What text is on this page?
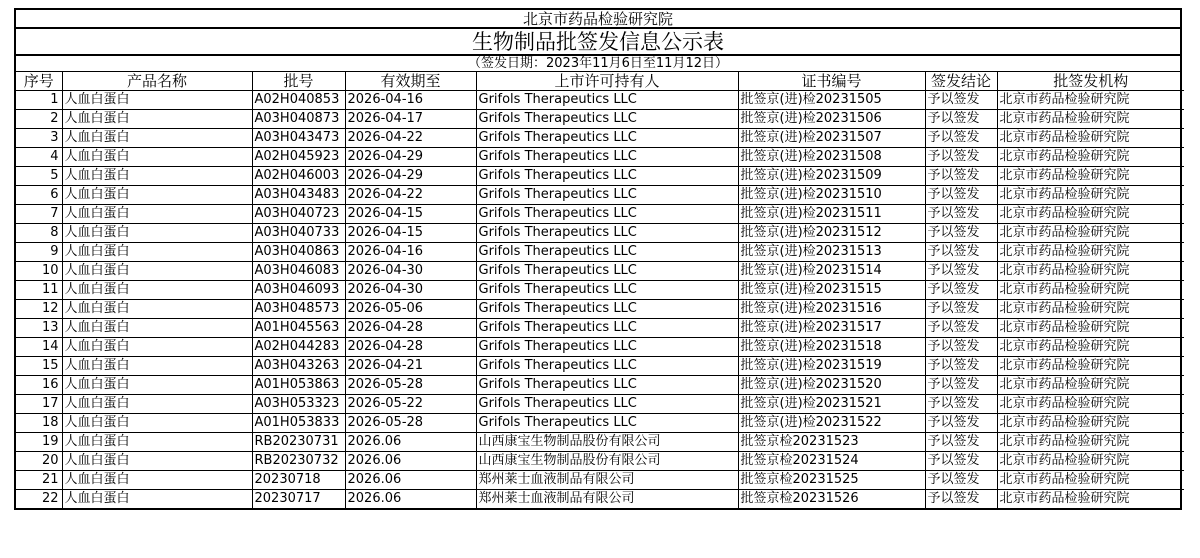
北京市药品检验研究院
生物制品批签发信息公示表
（签发日期：2023年11月6日至11月12日）
序号	产品名称	批号	有效期至	上市许可持有人	证书编号	签发结论	批签发机构
1	人血白蛋白	A02H040853	2026-04-16	Grifols Therapeutics LLC	批签京(进)检20231505	予以签发	北京市药品检验研究院
2	人血白蛋白	A03H040873	2026-04-17	Grifols Therapeutics LLC	批签京(进)检20231506	予以签发	北京市药品检验研究院
3	人血白蛋白	A03H043473	2026-04-22	Grifols Therapeutics LLC	批签京(进)检20231507	予以签发	北京市药品检验研究院
4	人血白蛋白	A02H045923	2026-04-29	Grifols Therapeutics LLC	批签京(进)检20231508	予以签发	北京市药品检验研究院
5	人血白蛋白	A02H046003	2026-04-29	Grifols Therapeutics LLC	批签京(进)检20231509	予以签发	北京市药品检验研究院
6	人血白蛋白	A03H043483	2026-04-22	Grifols Therapeutics LLC	批签京(进)检20231510	予以签发	北京市药品检验研究院
7	人血白蛋白	A03H040723	2026-04-15	Grifols Therapeutics LLC	批签京(进)检20231511	予以签发	北京市药品检验研究院
8	人血白蛋白	A03H040733	2026-04-15	Grifols Therapeutics LLC	批签京(进)检20231512	予以签发	北京市药品检验研究院
9	人血白蛋白	A03H040863	2026-04-16	Grifols Therapeutics LLC	批签京(进)检20231513	予以签发	北京市药品检验研究院
10	人血白蛋白	A03H046083	2026-04-30	Grifols Therapeutics LLC	批签京(进)检20231514	予以签发	北京市药品检验研究院
11	人血白蛋白	A03H046093	2026-04-30	Grifols Therapeutics LLC	批签京(进)检20231515	予以签发	北京市药品检验研究院
12	人血白蛋白	A03H048573	2026-05-06	Grifols Therapeutics LLC	批签京(进)检20231516	予以签发	北京市药品检验研究院
13	人血白蛋白	A01H045563	2026-04-28	Grifols Therapeutics LLC	批签京(进)检20231517	予以签发	北京市药品检验研究院
14	人血白蛋白	A02H044283	2026-04-28	Grifols Therapeutics LLC	批签京(进)检20231518	予以签发	北京市药品检验研究院
15	人血白蛋白	A03H043263	2026-04-21	Grifols Therapeutics LLC	批签京(进)检20231519	予以签发	北京市药品检验研究院
16	人血白蛋白	A01H053863	2026-05-28	Grifols Therapeutics LLC	批签京(进)检20231520	予以签发	北京市药品检验研究院
17	人血白蛋白	A03H053323	2026-05-22	Grifols Therapeutics LLC	批签京(进)检20231521	予以签发	北京市药品检验研究院
18	人血白蛋白	A01H053833	2026-05-28	Grifols Therapeutics LLC	批签京(进)检20231522	予以签发	北京市药品检验研究院
19	人血白蛋白	RB20230731	2026.06	山西康宝生物制品股份有限公司	批签京检20231523	予以签发	北京市药品检验研究院
20	人血白蛋白	RB20230732	2026.06	山西康宝生物制品股份有限公司	批签京检20231524	予以签发	北京市药品检验研究院
21	人血白蛋白	20230718	2026.06	郑州莱士血液制品有限公司	批签京检20231525	予以签发	北京市药品检验研究院
22	人血白蛋白	20230717	2026.06	郑州莱士血液制品有限公司	批签京检20231526	予以签发	北京市药品检验研究院
